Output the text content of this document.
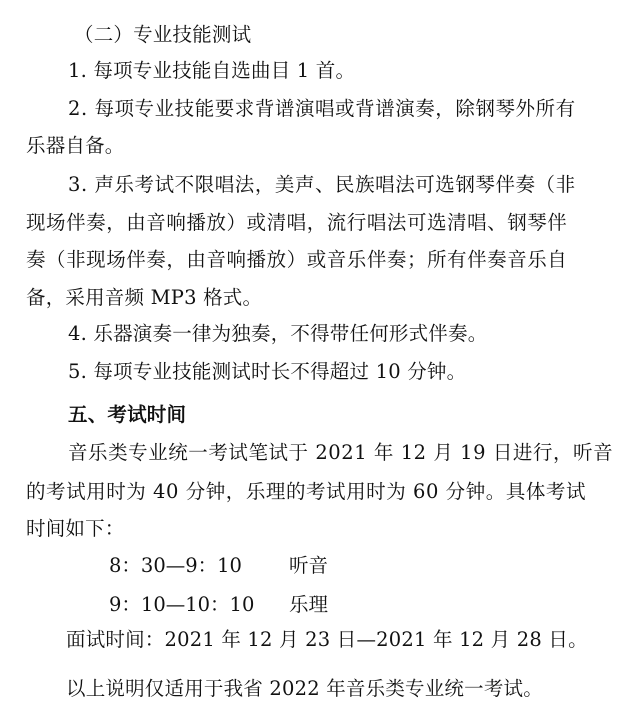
（二）专业技能测试
1. 每项专业技能自选曲目 1 首。
2. 每项专业技能要求背谱演唱或背谱演奏，除钢琴外所有
乐器自备。
3. 声乐考试不限唱法，美声、民族唱法可选钢琴伴奏（非
现场伴奏，由音响播放）或清唱，流行唱法可选清唱、钢琴伴
奏（非现场伴奏，由音响播放）或音乐伴奏；所有伴奏音乐自
备，采用音频 MP3 格式。
4. 乐器演奏一律为独奏，不得带任何形式伴奏。
5. 每项专业技能测试时长不得超过 10 分钟。
五、考试时间
音乐类专业统一考试笔试于 2021 年 12 月 19 日进行，听音
的考试用时为 40 分钟，乐理的考试用时为 60 分钟。具体考试
时间如下：
8：30—9：10 听音
9：10—10：10 乐理
面试时间：2021 年 12 月 23 日—2021 年 12 月 28 日。
以上说明仅适用于我省 2022 年音乐类专业统一考试。
